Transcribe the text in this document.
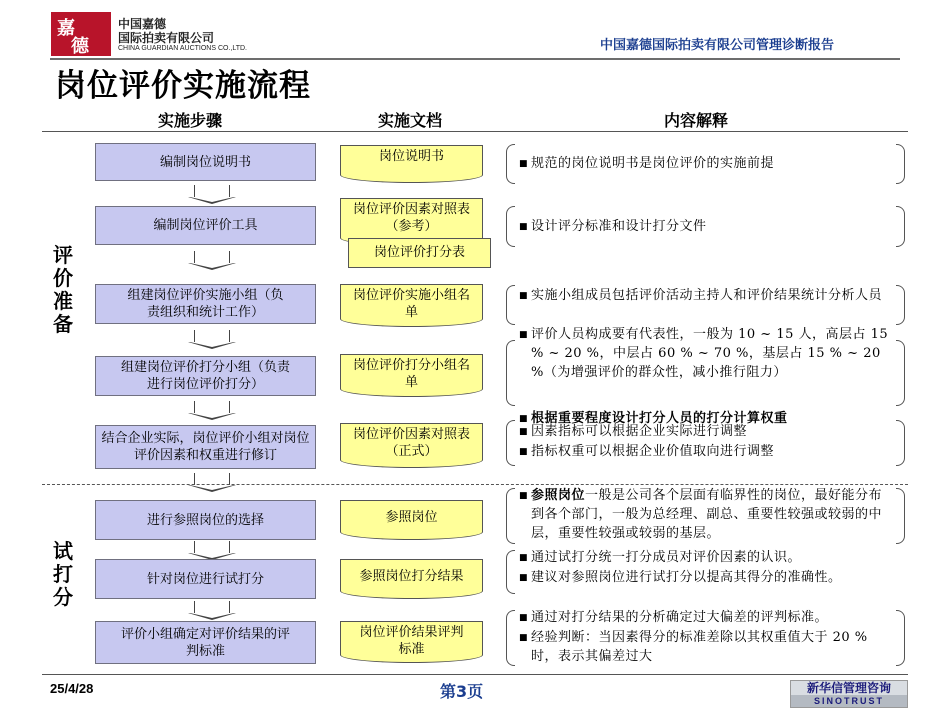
嘉
德
中国嘉德
国际拍卖有限公司
CHINA GUARDIAN AUCTIONS CO.,LTD.	中国嘉德国际拍卖有限公司管理诊断报告
岗位评价实施流程
实施步骤	实施文档	内容解释
评价准备
试打分
编制岗位说明书
编制岗位评价工具
组建岗位评价实施小组（负责组织和统计工作）
组建岗位评价打分小组（负责进行岗位评价打分）
结合企业实际，岗位评价小组对岗位评价因素和权重进行修订
进行参照岗位的选择
针对岗位进行试打分
评价小组确定对评价结果的评判标准
岗位说明书
岗位评价因素对照表（参考）
岗位评价打分表
岗位评价实施小组名单
岗位评价打分小组名单
岗位评价因素对照表（正式）
参照岗位
参照岗位打分结果
岗位评价结果评判标准
■ 规范的岗位说明书是岗位评价的实施前提
■ 设计评分标准和设计打分文件
■ 实施小组成员包括评价活动主持人和评价结果统计分析人员
■ 评价人员构成要有代表性，一般为 10 ~ 15 人，高层占 15 % ~ 20 %，中层占 60 % ~ 70 %，基层占 15 % ~ 20 %（为增强评价的群众性，减小推行阻力）
■ 根据重要程度设计打分人员的打分计算权重
■ 因素指标可以根据企业实际进行调整
■ 指标权重可以根据企业价值取向进行调整
■ 参照岗位一般是公司各个层面有临界性的岗位，最好能分布到各个部门，一般为总经理、副总、重要性较强或较弱的中层，重要性较强或较弱的基层。
■ 通过试打分统一打分成员对评价因素的认识。
■ 建议对参照岗位进行试打分以提高其得分的准确性。
■ 通过对打分结果的分析确定过大偏差的评判标准。
■ 经验判断：当因素得分的标准差除以其权重值大于 20 %时，表示其偏差过大
25/4/28	第3页	新华信管理咨询
SINOTRUST
